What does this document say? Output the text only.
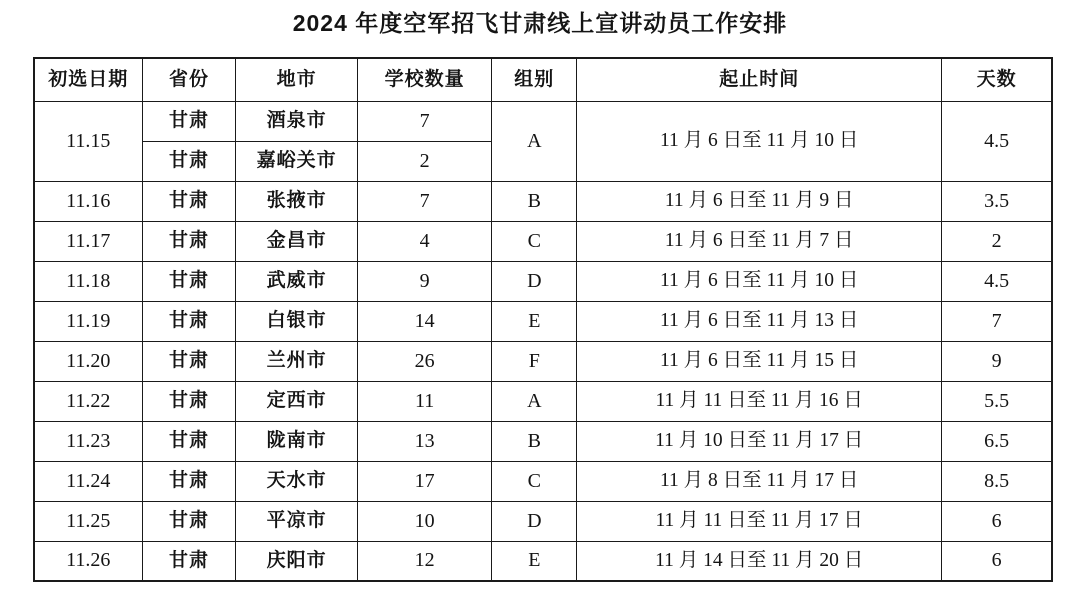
2024 年度空军招飞甘肃线上宣讲动员工作安排
初选日期	省份	地市	学校数量	组别	起止时间	天数
11.15	甘肃	酒泉市	7	A	11 月 6 日至 11 月 10 日	4.5
	甘肃	嘉峪关市	2			
11.16	甘肃	张掖市	7	B	11 月 6 日至 11 月 9 日	3.5
11.17	甘肃	金昌市	4	C	11 月 6 日至 11 月 7 日	2
11.18	甘肃	武威市	9	D	11 月 6 日至 11 月 10 日	4.5
11.19	甘肃	白银市	14	E	11 月 6 日至 11 月 13 日	7
11.20	甘肃	兰州市	26	F	11 月 6 日至 11 月 15 日	9
11.22	甘肃	定西市	11	A	11 月 11 日至 11 月 16 日	5.5
11.23	甘肃	陇南市	13	B	11 月 10 日至 11 月 17 日	6.5
11.24	甘肃	天水市	17	C	11 月 8 日至 11 月 17 日	8.5
11.25	甘肃	平凉市	10	D	11 月 11 日至 11 月 17 日	6
11.26	甘肃	庆阳市	12	E	11 月 14 日至 11 月 20 日	6
